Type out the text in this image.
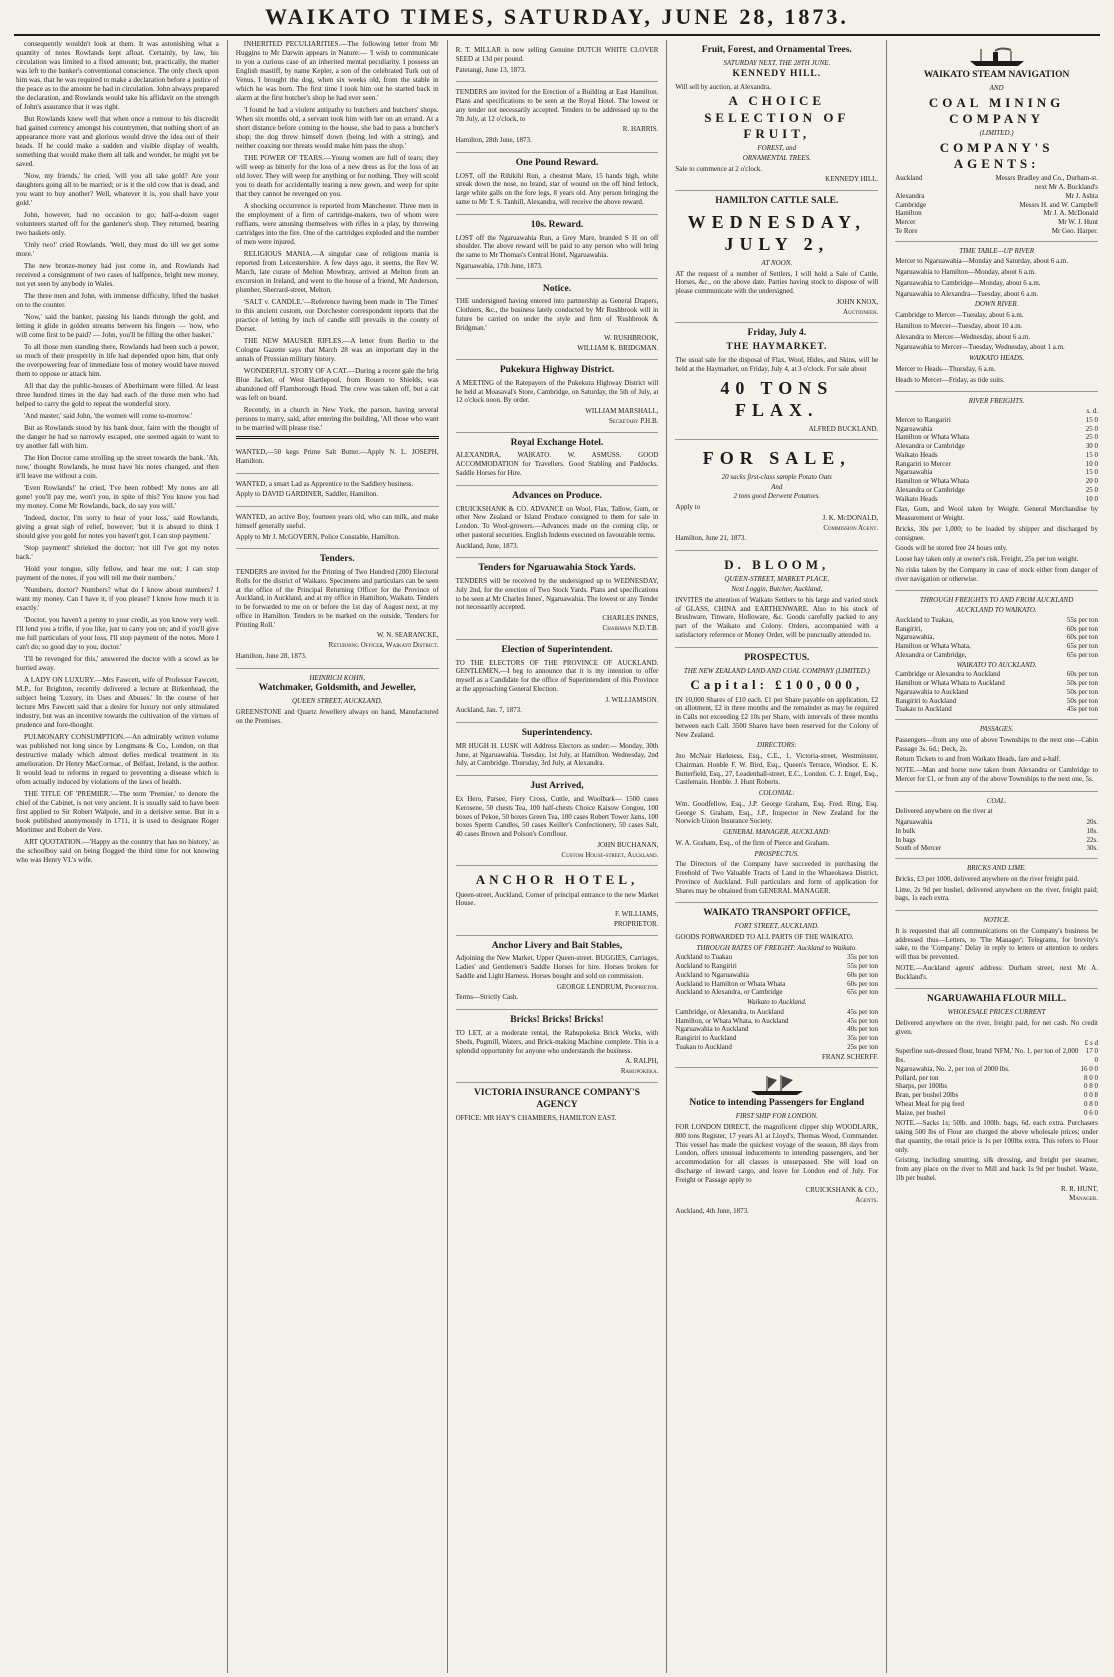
WAIKATO TIMES, SATURDAY, JUNE 28, 1873.

consequently wouldn't look at them. It was astonishing what a quantity of notes Rowlands kept afloat. Certainly, by law, his circulation was limited to a fixed amount; but, practically, the matter was left to the banker's conventional conscience. The only check upon him was, that he was required to make a declaration before a justice of the peace as to the amount he had in circulation. John always prepared the declaration, and Rowlands would take his affidavit on the strength of John's assurance that it was right.

But Rowlands knew well that when once a rumour to his discredit had gained currency amongst his countrymen, that nothing short of an appearance more vast and glorious would drive the idea out of their heads. If he could make a sudden and visible display of wealth, something that would make them all talk and wonder, he might yet be saved.

'Now, my friends,' he cried, 'will you all take gold? Are your daughters going all to be married; or is it the old cow that is dead, and you want to buy another? Well, whatever it is, you shall have your gold.'

John, however, had no occasion to go; half-a-dozen eager volunteers started off for the gardener's shop. They returned, bearing two baskets only.

'Only two!' cried Rowlands. 'Well, they must do till we get some more.'

The new bronze-money had just come in, and Rowlands had received a consignment of two cases of halfpence, bright new money, not yet seen by anybody in Wales.

The three men and John, with immense difficulty, lifted the basket on to the counter.

'Now,' said the banker, passing his hands through the gold, and letting it glide in golden streams between his fingers — 'now, who will come first to be paid? — John, you'll be filling the other basket.'

To all those men standing there, Rowlands had been such a power, so much of their prosperity in life had depended upon him, that only the overpowering fear of immediate loss of money would have moved them to oppose or attack him.

All that day the public-houses of Aberhirnant were filled. At least three hundred times in the day had each of the three men who had helped to carry the gold to repeat the wonderful story.

'And master,' said John, 'the women will come to-morrow.'

But as Rowlands stood by his bank door, faint with the thought of the danger he had so narrowly escaped, one seemed again to want to try another fall with him.

The Hon Doctor came strolling up the street towards the bank. 'Ah, now,' thought Rowlands, he must have his notes changed, and then it'll leave me without a coin.

'Even Rowlands!' he cried, 'I've been robbed! My notes are all gone! you'll pay me, won't you, in spite of this? You know you had my money. Come Mr Rowlands, back, do say you will.'

'Indeed, doctor, I'm sorry to hear of your loss,' said Rowlands, giving a great sigh of relief, however; 'but it is absurd to think I should give you gold for notes you haven't got. I can stop payment.'

'Stop payment!' shrieked the doctor; 'not till I've got my notes back.'

'Hold your tongue, silly fellow, and hear me out; I can stop payment of the notes, if you will tell me their numbers.'

'Numbers, doctor? Numbers? what do I know about numbers? I want my money. Can I have it, if you please? I know how much it is exactly.'

'Doctor, you haven't a penny to your credit, as you know very well. I'll lend you a trifle, if you like, just to carry you on; and if you'll give me full particulars of your loss, I'll stop payment of the notes. More I can't do; so good day to you, doctor.'

'I'll be revenged for this,' answered the doctor with a scowl as he hurried away.

A LADY ON LUXURY.—Mrs Fawcett, wife of Professor Fawcett, M.P., for Brighton, recently delivered a lecture at Birkenhead, the subject being 'Luxury, its Uses and Abuses.' In the course of her lecture Mrs Fawcett said that a desire for luxury not only stimulated industry, but was an incentive towards the cultivation of the virtues of prudence and fore-thought.

PULMONARY CONSUMPTION.—An admirably written volume was published not long since by Longmans & Co., London, on that destructive malady which almost defies medical treatment in its amelioration. Dr Henry MacCormac, of Belfast, Ireland, is the author. It would lead to reforms in regard to preventing a disease which is often actually induced by violations of the laws of health.

THE TITLE OF 'PREMIER.'—The term 'Premier,' to denote the chief of the Cabinet, is not very ancient. It is usually said to have been first applied to Sir Robert Walpole, and in a derisive sense. But in a book published anonymously in 1711, it is used to designate Roger Mortimer and Robert de Vere.

ART QUOTATION.—'Happy as the country that has no history,' as the schoolboy said on being flogged the third time for not knowing who was Henry VI.'s wife.

INHERITED PECULIARITIES.—The following letter from Mr Huggins to Mr Darwin appears in Nature:— 'I wish to communicate to you a curious case of an inherited mental peculiarity. I possess an English mastiff, by name Kepler, a son of the celebrated Turk out of Venus. I brought the dog, when six weeks old, from the stable in which he was born. The first time I took him out he started back in alarm at the first butcher's shop he had ever seen.'

'I found he had a violent antipathy to butchers and butchers' shops. When six months old, a servant took him with her on an errand. At a short distance before coming to the house, she had to pass a butcher's shop; the dog threw himself down (being led with a string), and neither coaxing nor threats would make him pass the shop.'

THE POWER OF TEARS.—Young women are full of tears; they will weep as bitterly for the loss of a new dress as for the loss of an old lover. They will weep for anything or for nothing. They will scold you to death for accidentally tearing a new gown, and weep for spite that they cannot be revenged on you.

A shocking occurrence is reported from Manchester. Three men in the employment of a firm of cartridge-makers, two of whom were ruffians, were amusing themselves with rifles in a play, by throwing cartridges into the fire. One of the cartridges exploded and the number of men were injured.

RELIGIOUS MANIA.—A singular case of religious mania is reported from Leicestershire. A few days ago, it seems, the Rev W. March, late curate of Melton Mowbray, arrived at Melton from an excursion in Ireland, and went to the house of a friend, Mr Anderson, plumber, Sherrard-street, Melton.

'SALT v. CANDLE.'—Reference having been made in 'The Times' to this ancient custom, our Dorchester correspondent reports that the practice of letting by inch of candle still prevails in the county of Dorset.

THE NEW MAUSER RIFLES.—A letter from Berlin to the Cologne Gazette says that March 28 was an important day in the annals of Prussian military history.

WONDERFUL STORY OF A CAT.—During a recent gale the brig Blue Jacket, of West Hartlepool, from Rouen to Shields, was abandoned off Flamborough Head. The crew was taken off, but a cat was left on board.

Recently, in a church in New York, the parson, having several persons to marry, said, after entering the building, 'All those who want to be married will please rise.'

WANTED,—50 kegs Prime Salt Butter.—Apply N. L. JOSEPH, Hamilton.
WANTED, a smart Lad as Apprentice to the Saddlery business.
Apply to DAVID GARDINER, Saddler, Hamilton.
WANTED, an active Boy, fourteen years old, who can milk, and make himself generally useful.
Apply to Mr J. McGOVERN, Police Constable, Hamilton.
Tenders.
TENDERS are invited for the Printing of Two Hundred (200) Electoral Rolls for the district of Waikato. Specimens and particulars can be seen at the office of the Principal Returning Officer for the Province of Auckland, in Auckland, and at my office in Hamilton, Waikato. Tenders to be forwarded to me on or before the 1st day of August next, at my office in Hamilton. Tenders to be marked on the outside, 'Tenders for Printing Roll.'
W. N. SEARANCKE,
Returning Officer, Waikato District.
Hamilton, June 28, 1873.
HEINRICH KOHN,
Watchmaker, Goldsmith, and Jeweller,
QUEEN STREET, AUCKLAND.
GREENSTONE and Quartz Jewellery always on hand, Manufactured on the Premises.
R. T. MILLAR is now selling Genuine DUTCH WHITE CLOVER SEED at 13d per pound.
Patetangi, June 13, 1873.
TENDERS are invited for the Erection of a Building at East Hamilton. Plans and specifications to be seen at the Royal Hotel. The lowest or any tender not necessarily accepted. Tenders to be addressed up to the 7th July, at 12 o'clock, to
R. HARRIS.
Hamilton, 28th June, 1873.
One Pound Reward.
LOST, off the Rihikihi Run, a chestnut Mare, 15 hands high, white streak down the nose, no brand, star of wound on the off hind fetlock, large white galls on the fore legs, 8 years old. Any person bringing the same to Mr T. S. Tanhill, Alexandra, will receive the above reward.
10s. Reward.
LOST off the Ngaruawahia Run, a Grey Mare, branded S H on off shoulder. The above reward will be paid to any person who will bring the same to Mr Thomas's Central Hotel, Ngaruawahia.
Ngaruawahia, 17th June, 1873.
Notice.
THE undersigned having entered into partnership as General Drapers, Clothiers, &c., the business lately conducted by Mr Rushbrook will in future be carried on under the style and firm of 'Rushbrook & Bridgman.'
W. RUSHBROOK,
WILLIAM K. BRIDGMAN.
Pukekura Highway District.
A MEETING of the Ratepayers of the Pukekura Highway District will be held at Moasaval's Store, Cambridge, on Saturday, the 5th of July, at 12 o'clock noon. By order.
WILLIAM MARSHALL,
Secretary P.H.B.
Royal Exchange Hotel.
ALEXANDRA, WAIKATO. W. ASMUSS. GOOD ACCOMMODATION for Travellers. Good Stabling and Paddocks. Saddle Horses for Hire.
Advances on Produce.
CRUICKSHANK & CO. ADVANCE on Wool, Flax, Tallow, Gum, or other New Zealand or Island Produce consigned to them for sale in London. To Wool-growers.—Advances made on the coming clip, or other pastoral securities. English Indents executed on favourable terms.
Auckland, June, 1873.
Tenders for Ngaruawahia Stock Yards.
TENDERS will be received by the undersigned up to WEDNESDAY, July 2nd, for the erection of Two Stock Yards. Plans and specifications to be seen at Mr Charles Innes', Ngaruawahia. The lowest or any Tender not necessarily accepted.
CHARLES INNES,
Chairman N.D.T.B.
Election of Superintendent.
TO THE ELECTORS OF THE PROVINCE OF AUCKLAND. GENTLEMEN,—I beg to announce that it is my intention to offer myself as a Candidate for the office of Superintendent of this Province at the approaching General Election.
J. WILLIAMSON.
Auckland, Jan. 7, 1873.
Superintendency.
MR HUGH H. LUSK will Address Electors as under:— Monday, 30th June, at Ngaruawahia. Tuesday, 1st July, at Hamilton. Wednesday, 2nd July, at Cambridge. Thursday, 3rd July, at Alexandra.
Just Arrived,
Ex Hero, Parsee, Fiery Cross, Cuttle, and Woolbark— 1500 cases Kerosene, 50 chests Tea, 100 half-chests Choice Kaisow Congou, 100 boxes of Pekoe, 50 boxes Green Tea, 100 cases Robert Tower Jams, 100 boxes Sperm Candles, 50 cases Keiller's Confectionery, 50 cases Salt, 40 cases Brown and Polson's Cornflour.
JOHN BUCHANAN,
Custom House-street, Auckland.
ANCHOR HOTEL,
Queen-street, Auckland, Corner of principal entrance to the new Market House.
F. WILLIAMS,
PROPRIETOR.
Anchor Livery and Bait Stables,
Adjoining the New Market, Upper Queen-street. BUGGIES, Carriages, Ladies' and Gentlemen's Saddle Horses for hire. Horses broken for Saddle and Light Harness. Horses bought and sold on commission.
GEORGE LENDRUM, Proprietor.
Terms—Strictly Cash.
Bricks! Bricks! Bricks!
TO LET, at a moderate rental, the Rahupokeka Brick Works, with Sheds, Pugmill, Waters, and Brick-making Machine complete. This is a splendid opportunity for anyone who understands the business.
A. RALPH,
Rahupokeka.
VICTORIA INSURANCE COMPANY'S AGENCY
OFFICE: MR HAY'S CHAMBERS, HAMILTON EAST.
Fruit, Forest, and Ornamental Trees.
SATURDAY NEXT, THE 28TH JUNE.
KENNEDY HILL.
Will sell by auction, at Alexandra,
A CHOICE SELECTION OF FRUIT,
FOREST, and
ORNAMENTAL TREES.
Sale to commence at 2 o'clock.
KENNEDY HILL.
HAMILTON CATTLE SALE.
WEDNESDAY, JULY 2,
AT NOON.
AT the request of a number of Settlers, I will hold a Sale of Cattle, Horses, &c., on the above date. Parties having stock to dispose of will please communicate with the undersigned.
JOHN KNOX,
Auctioneer.
Friday, July 4.
THE HAYMARKET.
The usual sale for the disposal of Flax, Wool, Hides, and Skins, will be held at the Haymarket, on Friday, July 4, at 3 o'clock. For sale about
40 TONS FLAX.
ALFRED BUCKLAND.
FOR SALE,
20 sacks first-class sample Potato Oats
And
2 tons good Derwent Potatoes.
Apply to
J. K. McDONALD,
Commission Agent.
Hamilton, June 21, 1873.
D. BLOOM,
QUEEN-STREET, MARKET PLACE,
Next Loggin, Butcher, Auckland,
INVITES the attention of Waikato Settlers to his large and varied stock of GLASS, CHINA and EARTHENWARE. Also to his stock of Brushware, Tinware, Holloware, &c. Goods carefully packed to any part of the Waikato and Colony. Orders, accompanied with a satisfactory reference or Money Order, will be punctually attended to.
PROSPECTUS.
THE NEW ZEALAND LAND AND COAL COMPANY (LIMITED.)
Capital: £100,000,
IN 10,000 Shares of £10 each. £1 per Share payable on application, £2 on allotment, £2 in three months and the remainder as may be required in Calls not exceeding £2 10s per Share, with intervals of three months between each Call. 3500 Shares have been reserved for the Colony of New Zealand.
DIRECTORS:
Jno McNair Harkness, Esq., C.E., 1, Victoria-street, Westminster, Chairman. Honble F. W. Bird, Esq., Queen's Terrace, Windsor. E. K. Butterfield, Esq., 27, Leadenhall-street, E.C., London. C. J. Engel, Esq., Castlemain. Honble. J. Hunt Roberts.
COLONIAL:
Wm. Goodfellow, Esq., J.P. George Graham, Esq. Fred. Ring, Esq. George S. Graham, Esq., J.P., Inspector in New Zealand for the Norwich Union Insurance Society.
GENERAL MANAGER, AUCKLAND:
W. A. Graham, Esq., of the firm of Pierce and Graham.
PROSPECTUS.
The Directors of the Company have succeeded in purchasing the Freehold of Two Valuable Tracts of Land in the Whaeokawa District, Province of Auckland. Full particulars and form of application for Shares may be obtained from GENERAL MANAGER.
WAIKATO TRANSPORT OFFICE,
FORT STREET, AUCKLAND.
GOODS FORWARDED TO ALL PARTS OF THE WAIKATO.
THROUGH RATES OF FREIGHT: Auckland to Waikato.
Auckland to Tuakau	35s per ton
Auckland to Rangiriri	55s per ton
Auckland to Ngaruawahia	60s per ton
Auckland to Hamilton or Whata Whata	60s per ton
Auckland to Alexandra, or Cambridge	65s per ton
Waikato to Auckland.
Cambridge, or Alexandra, to Auckland	45s per ton
Hamilton, or Whata Whata, to Auckland	45s per ton
Ngaruawahia to Auckland	40s per ton
Rangiriri to Auckland	35s per ton
Tuakau to Auckland	25s per ton
FRANZ SCHERFF.
Notice to intending Passengers for England
FIRST SHIP FOR LONDON.
FOR LONDON DIRECT, the magnificent clipper ship WOODLARK, 800 tons Register, 17 years A1 at Lloyd's, Thomas Wood, Commander. This vessel has made the quickest voyage of the season, 88 days from London, offers unusual inducements to intending passengers, and her accommodation for all classes is unsurpassed. She will load on discharge of inward cargo, and leave for London end of July. For Freight or Passage apply to
CRUICKSHANK & CO.,
Agents.
Auckland, 4th June, 1873.
WAIKATO STEAM NAVIGATION
AND
COAL MINING COMPANY
(LIMITED.)
COMPANY'S AGENTS:
Auckland	Messrs Bradley and Co., Durham-st.
next Mr A. Buckland's
Alexandra	Mr J. Ashta
Cambridge	Messrs H. and W. Campbell
Hamilton	Mr J. A. McDonald
Mercer	Mr W. J. Hunt
Te Rore	Mr Geo. Harper.
TIME TABLE—UP RIVER
Mercer to Ngaruawahia—Monday and Saturday, about 6 a.m.
Ngaruawahia to Hamilton—Monday, about 6 a.m.
Ngaruawahia to Cambridge—Monday, about 6 a.m.
Ngaruawahia to Alexandra—Tuesday, about 6 a.m.
DOWN RIVER.
Cambridge to Mercer—Tuesday, about 6 a.m.
Hamilton to Mercer—Tuesday, about 10 a.m.
Alexandra to Mercer—Wednesday, about 6 a.m.
Ngaruawahia to Mercer—Tuesday, Wednesday, about 1 a.m.
WAIKATO HEADS.
Mercer to Heads—Thursday, 6 a.m.
Heads to Mercer—Friday, as tide suits.
RIVER FREIGHTS.
s. d.
Mercer to Rangariri	15 0
Ngaruawahia	25 0
Hamilton or Whata Whata	25 0
Alexandra or Cambridge	30 0
Waikato Heads	15 0
Rangariri to Mercer	10 0
Ngaruawahia	15 0
Hamilton or Whata Whata	20 0
Alexandra or Cambridge	25 0
Waikato Heads	10 0
Flax, Gum, and Wool taken by Weight. General Merchandise by Measurement or Weight.
Bricks, 30s per 1,000; to be loaded by shipper and discharged by consignee.
Goods will be stored free 24 hours only.
Loose hay taken only at owner's risk. Freight, 25s per ton weight.
No risks taken by the Company in case of stock either from danger of river navigation or otherwise.
THROUGH FREIGHTS TO AND FROM AUCKLAND
AUCKLAND TO WAIKATO.
Auckland to Tuakau,	55s per ton
Rangiriri,	60s per ton
Ngaruawahia,	60s per ton
Hamilton or Whata Whata,	65s per ton
Alexandra or Cambridge,	65s per ton
WAIKATO TO AUCKLAND.
Cambridge or Alexandra to Auckland	60s per ton
Hamilton or Whata Whata to Auckland	50s per ton
Ngaruawahia to Auckland	50s per ton
Rangiriri to Auckland	50s per ton
Tuakau to Auckland	45s per ton
PASSAGES.
Passengers—from any one of above Townships to the next one—Cabin Passage 3s. 6d.; Deck, 2s.
Return Tickets to and from Waikato Heads, fare and a-half.
NOTE.—Man and horse now taken from Alexandra or Cambridge to Mercer for £1, or from any of the above Townships to the next one, 5s.
COAL.
Delivered anywhere on the river at
Ngaruawahia	20s.
In bulk	18s.
In bags	22s.
South of Mercer	30s.
BRICKS AND LIME.
Bricks, £3 per 1000, delivered anywhere on the river freight paid.
Lime, 2s 9d per bushel, delivered anywhere on the river, freight paid; bags, 1s each extra.
NOTICE.
It is requested that all communications on the Company's business be addressed thus—Letters, to 'The Manager'; Telegrams, for brevity's sake, to the 'Company.' Delay in reply to letters or attention to orders will thus be prevented.
NOTE.—Auckland agents' address: Durham street, next Mr A. Buckland's.
NGARUAWAHIA FLOUR MILL.
WHOLESALE PRICES CURRENT
Delivered anywhere on the river, freight paid, for net cash. No credit given.
£ s d
Superfine sun-dressed flour, brand 'NFM,' No. 1, per ton of 2,000 lbs.
17 0 0
Ngaruawahia, No. 2, per ton of 2000 lbs.	16 0 0
Pollard, per ton	8 0 0
Sharps, per 100lbs	0 8 0
Bran, per bushel 20lbs	0 0 8
Wheat Meal for pig feed	0 8 0
Maize, per bushel	0 6 0
NOTE.—Sacks 1s; 50lb. and 100lb. bags, 6d. each extra. Purchasers taking 500 lbs of Flour are charged the above wholesale prices; under that quantity, the retail price is 1s per 100lbs extra. This refers to Flour only.
Gristing, including smutting, silk dressing, and freight per steamer, from any place on the river to Mill and back 1s 9d per bushel. Waste, 1lb per bushel.
R. R. HUNT,
Manager.
